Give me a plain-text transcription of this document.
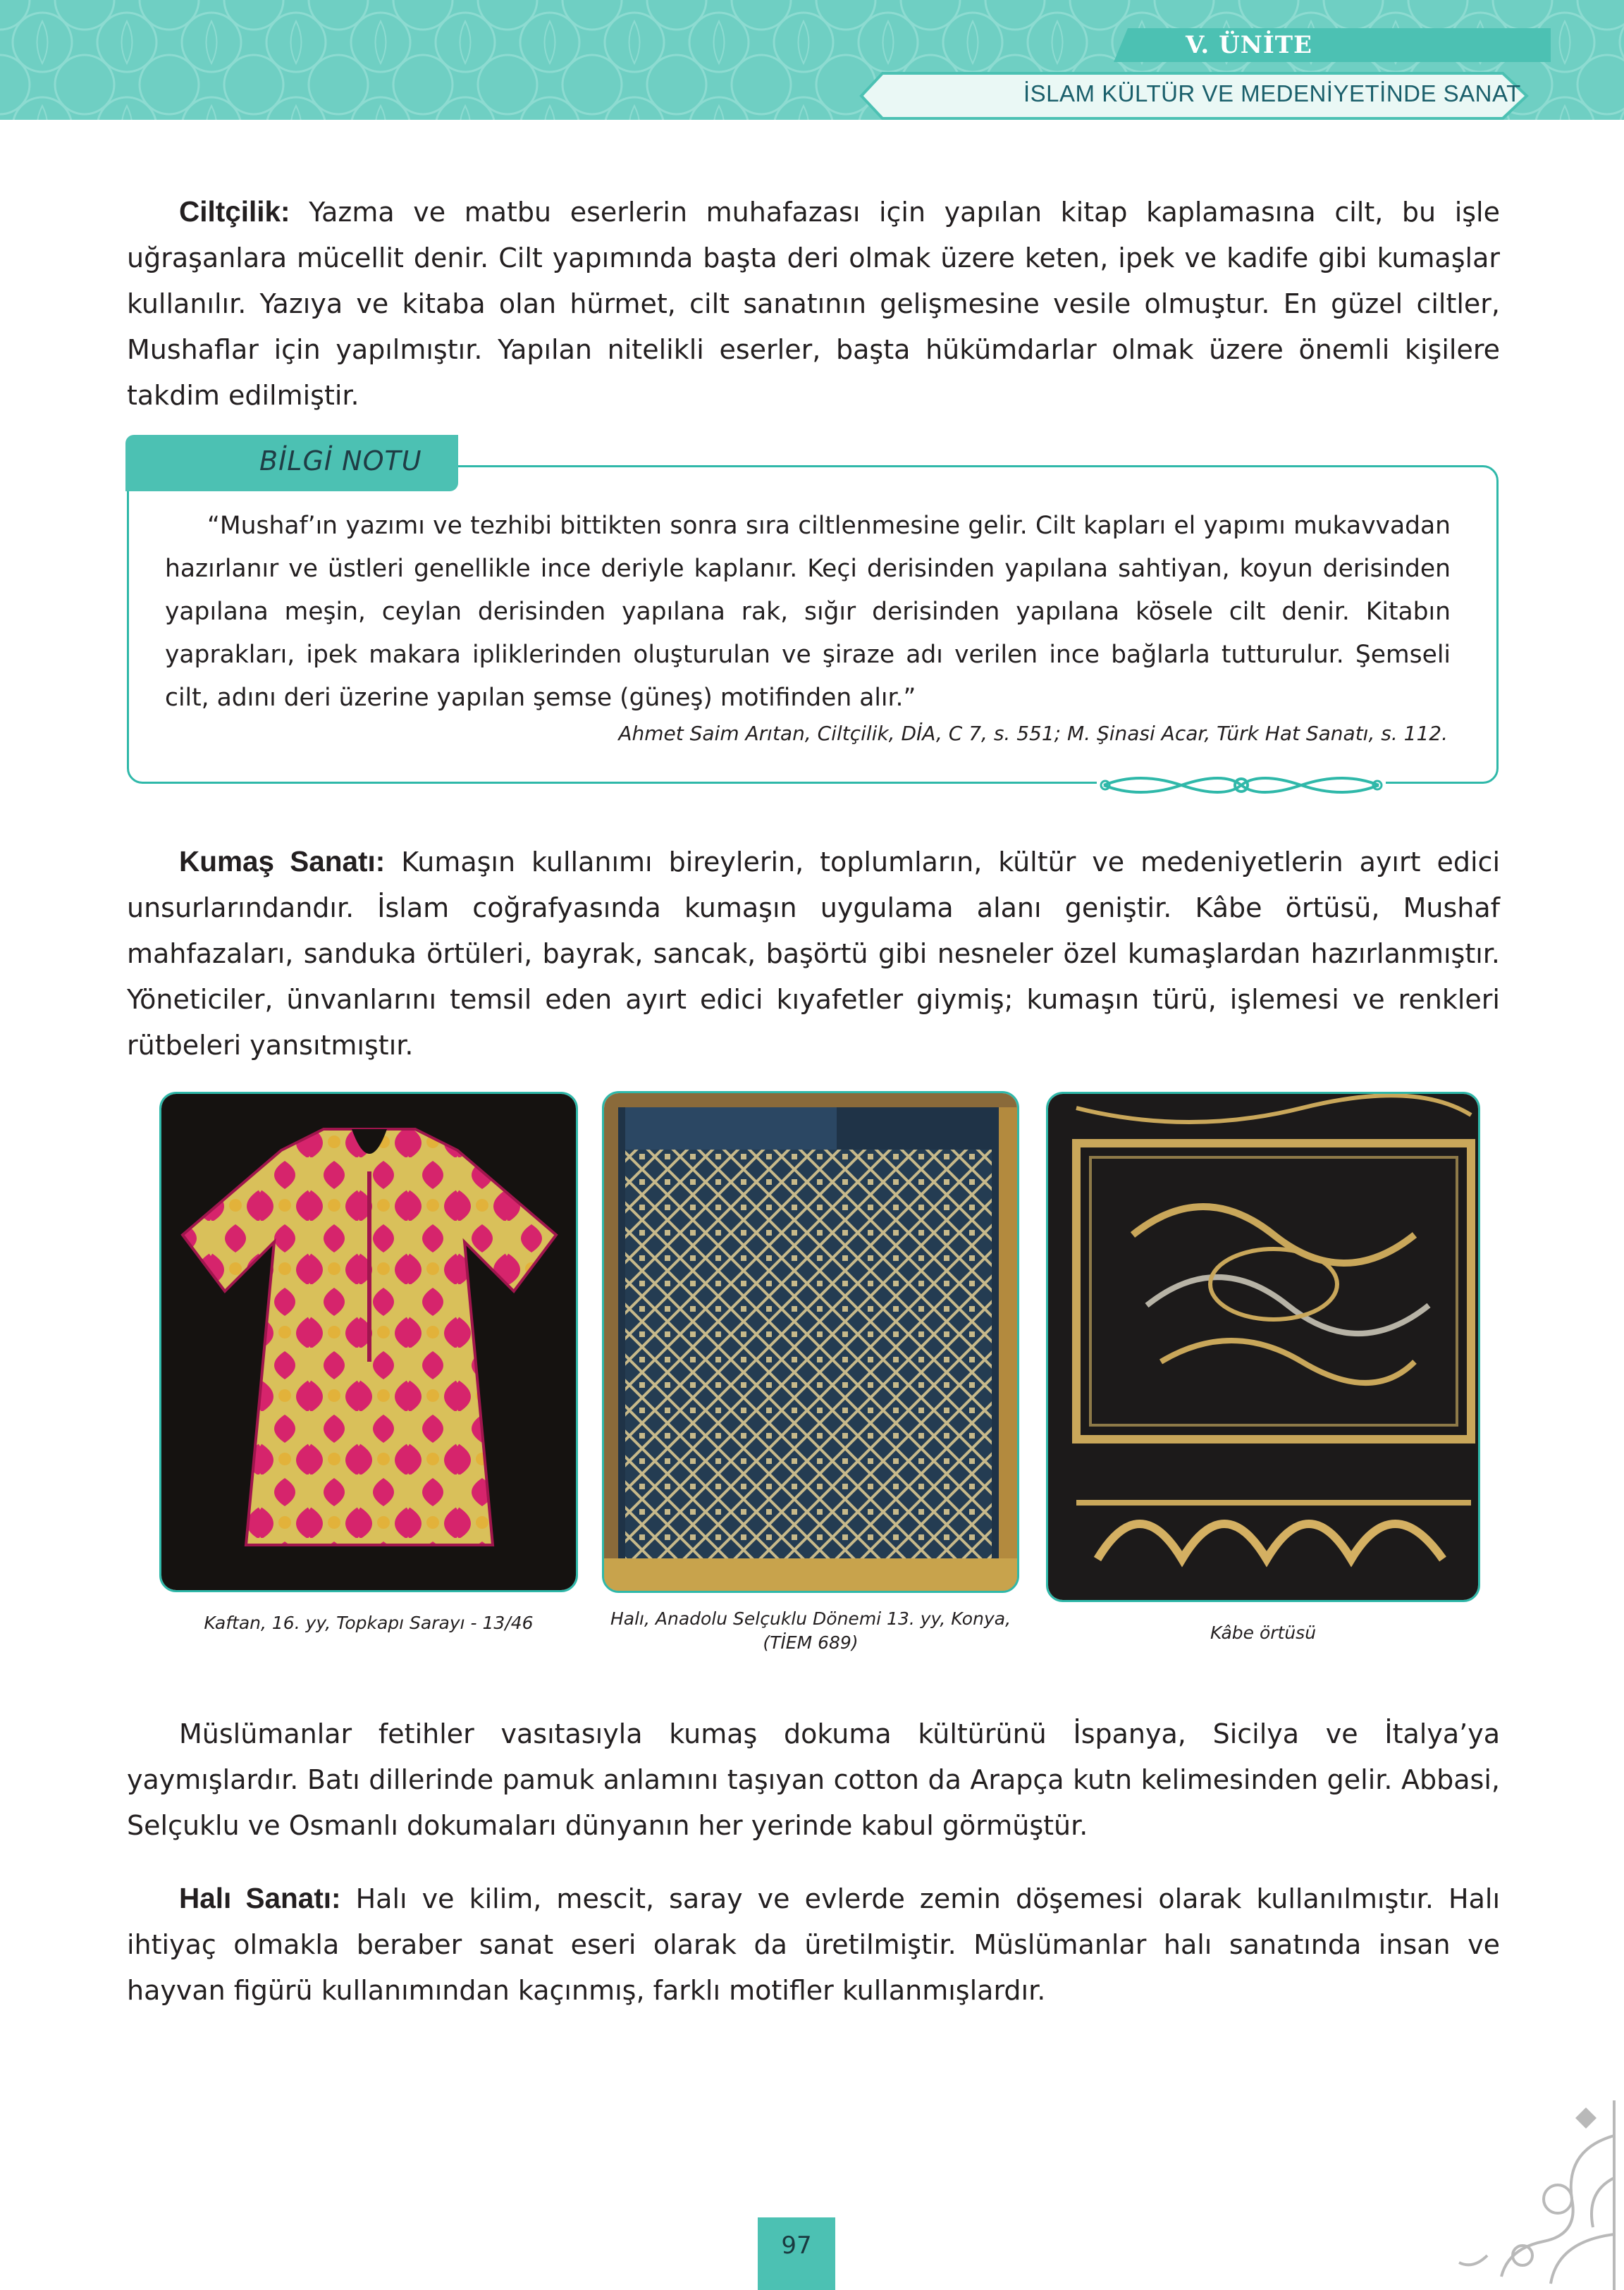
V. ÜNİTE
İSLAM KÜLTÜR VE MEDENİYETİNDE SANAT
Ciltçilik: Yazma ve matbu eserlerin muhafazası için yapılan kitap kaplamasına cilt, bu işle uğraşanlara mücellit denir. Cilt yapımında başta deri olmak üzere keten, ipek ve kadife gibi kumaşlar kullanılır. Yazıya ve kitaba olan hürmet, cilt sanatının gelişmesine vesile olmuştur. En güzel ciltler, Mushaflar için yapılmıştır. Yapılan nitelikli eserler, başta hükümdarlar olmak üzere önemli kişilere takdim edilmiştir.
BİLGİ NOTU
“Mushaf’ın yazımı ve tezhibi bittikten sonra sıra ciltlenmesine gelir. Cilt kapları el yapımı mukavvadan hazırlanır ve üstleri genellikle ince deriyle kaplanır. Keçi derisinden yapılana sahtiyan, koyun derisinden yapılana meşin, ceylan derisinden yapılana rak, sığır derisinden yapılana kösele cilt denir. Kitabın yaprakları, ipek makara ipliklerinden oluşturulan ve şiraze adı verilen ince bağlarla tutturulur. Şemseli cilt, adını deri üzerine yapılan şemse (güneş) motifinden alır.”
Ahmet Saim Arıtan, Ciltçilik, DİA, C 7, s. 551; M. Şinasi Acar, Türk Hat Sanatı, s. 112.
Kumaş Sanatı: Kumaşın kullanımı bireylerin, toplumların, kültür ve medeniyetlerin ayırt edici unsurlarındandır. İslam coğrafyasında kumaşın uygulama alanı geniştir. Kâbe örtüsü, Mushaf mahfazaları, sanduka örtüleri, bayrak, sancak, başörtü gibi nesneler özel kumaşlardan hazırlanmıştır. Yöneticiler, ünvanlarını temsil eden ayırt edici kıyafetler giymiş; kumaşın türü, işlemesi ve renkleri rütbeleri yansıtmıştır.
Kaftan, 16. yy, Topkapı Sarayı - 13/46	Halı, Anadolu Selçuklu Dönemi 13. yy, Konya,
(TİEM 689)	Kâbe örtüsü
Müslümanlar fetihler vasıtasıyla kumaş dokuma kültürünü İspanya, Sicilya ve İtalya’ya yaymışlardır. Batı dillerinde pamuk anlamını taşıyan cotton da Arapça kutn kelimesinden gelir. Abbasi, Selçuklu ve Osmanlı dokumaları dünyanın her yerinde kabul görmüştür.
Halı Sanatı: Halı ve kilim, mescit, saray ve evlerde zemin döşemesi olarak kullanılmıştır. Halı ihtiyaç olmakla beraber sanat eseri olarak da üretilmiştir. Müslümanlar halı sanatında insan ve hayvan figürü kullanımından kaçınmış, farklı motifler kullanmışlardır.
97
